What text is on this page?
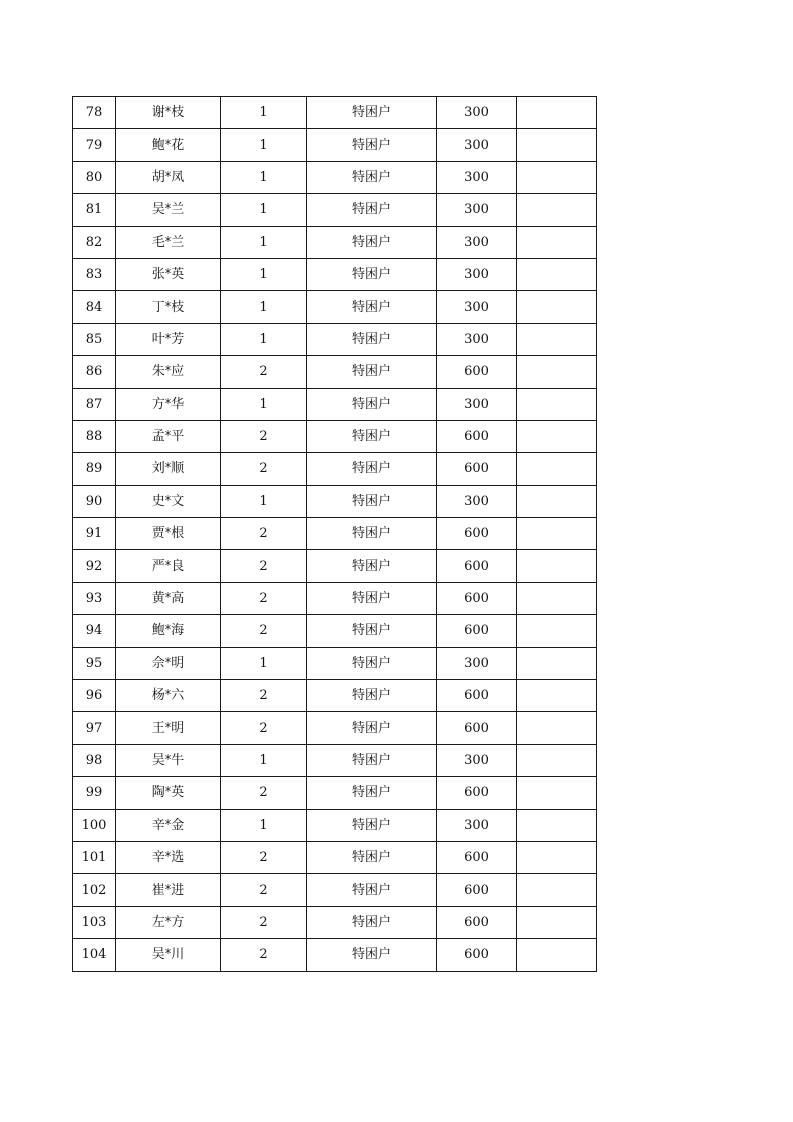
78	谢*枝	1	特困户	300	
79	鲍*花	1	特困户	300	
80	胡*凤	1	特困户	300	
81	吴*兰	1	特困户	300	
82	毛*兰	1	特困户	300	
83	张*英	1	特困户	300	
84	丁*枝	1	特困户	300	
85	叶*芳	1	特困户	300	
86	朱*应	2	特困户	600	
87	方*华	1	特困户	300	
88	孟*平	2	特困户	600	
89	刘*顺	2	特困户	600	
90	史*文	1	特困户	300	
91	贾*根	2	特困户	600	
92	严*良	2	特困户	600	
93	黄*高	2	特困户	600	
94	鲍*海	2	特困户	600	
95	佘*明	1	特困户	300	
96	杨*六	2	特困户	600	
97	王*明	2	特困户	600	
98	吴*牛	1	特困户	300	
99	陶*英	2	特困户	600	
100	辛*金	1	特困户	300	
101	辛*选	2	特困户	600	
102	崔*进	2	特困户	600	
103	左*方	2	特困户	600	
104	吴*川	2	特困户	600	
